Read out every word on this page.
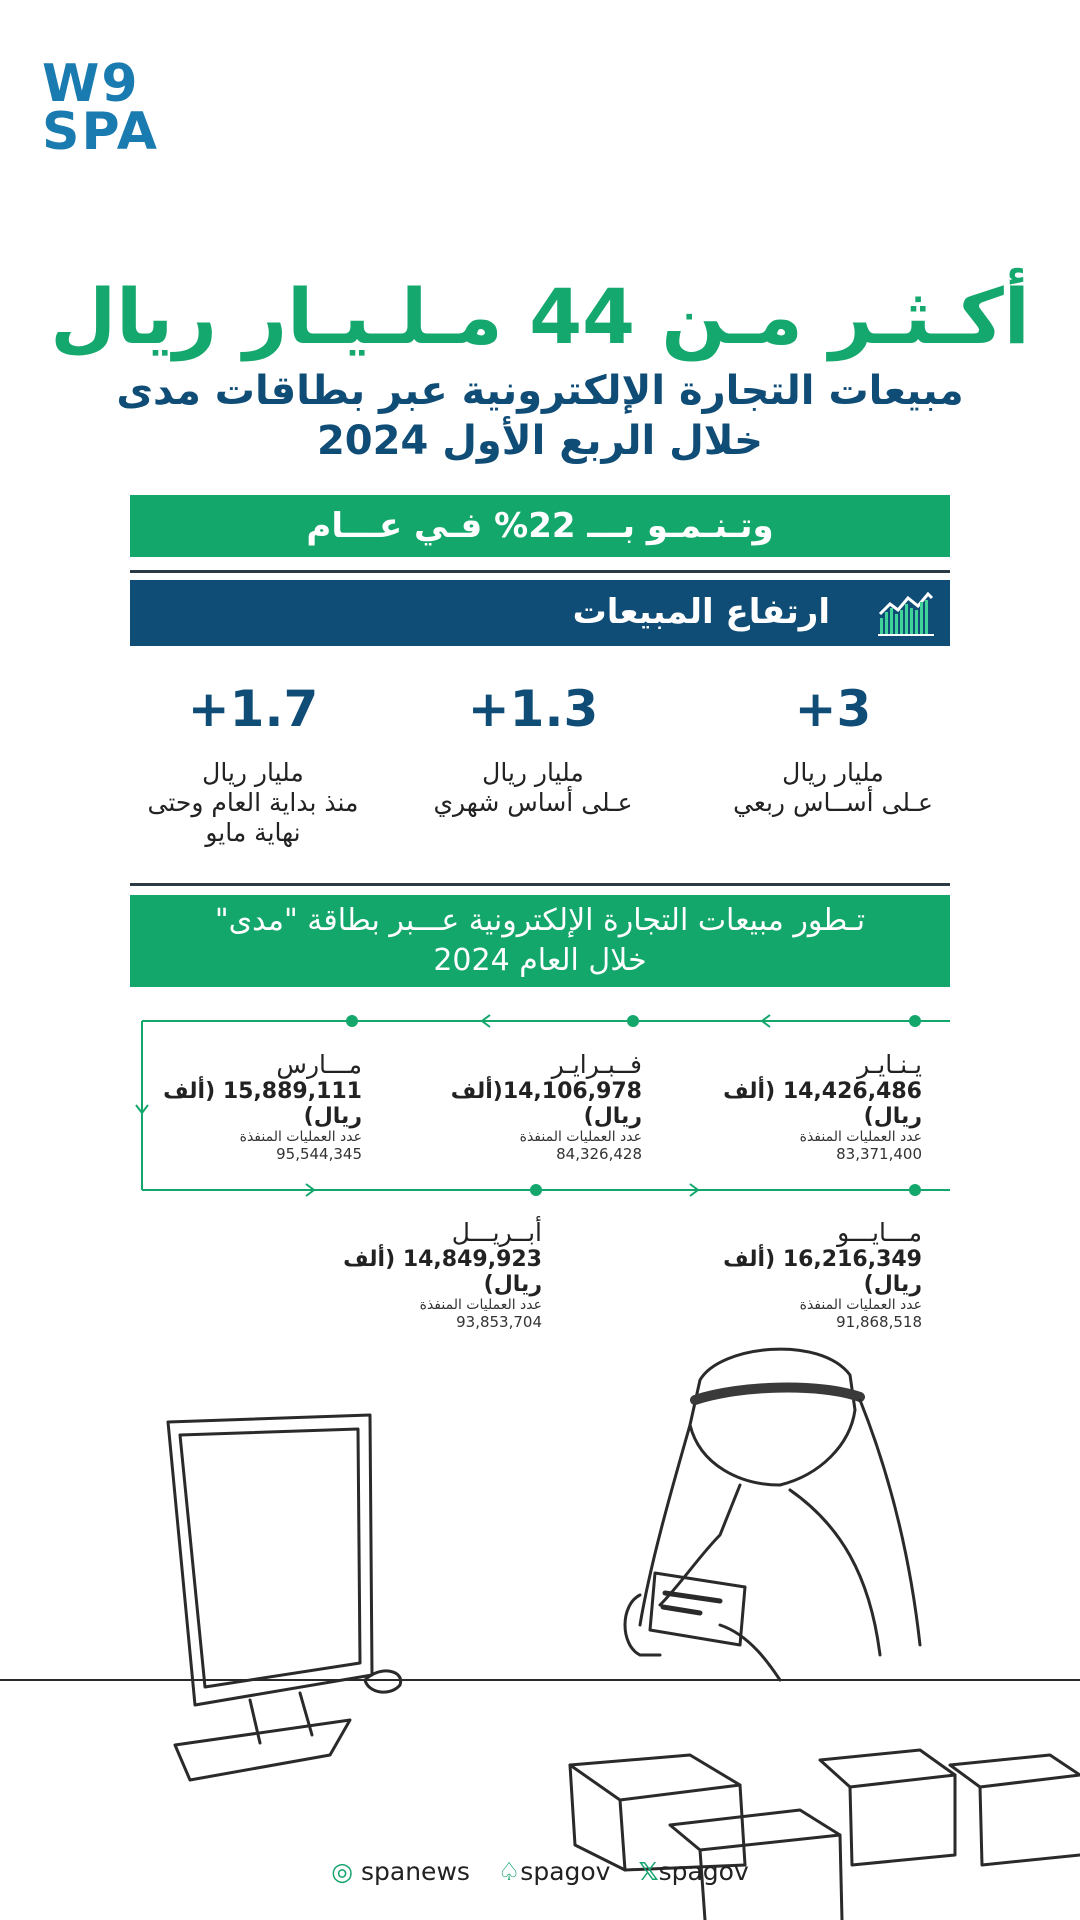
W9
SPA
أكـثـر مـن 44 مـلـيـار ريال
مبيعات التجارة الإلكترونية عبر بطاقات مدى
خلال الربع الأول 2024
وتـنـمـو بـــ 22% فـي عـــام
ارتفاع المبيعات
+3
مليار ريال
عـلى أســاس ربعي
+1.3
مليار ريال
عـلى أساس شهري
+1.7
مليار ريال
منذ بداية العام وحتى
نهاية مايو
تـطور مبيعات التجارة الإلكترونية عـــبر بطاقة "مدى"
خلال العام 2024
يـنـايـر
14,426,486 (ألف ريال)
عدد العمليات المنفذة
83,371,400
فــبـرايـر
14,106,978(ألف ريال)
عدد العمليات المنفذة
84,326,428
مـــارس
15,889,111 (ألف ريال)
عدد العمليات المنفذة
95,544,345
أبــريـــل
14,849,923 (ألف ريال)
عدد العمليات المنفذة
93,853,704
مـــايـــو
16,216,349 (ألف ريال)
عدد العمليات المنفذة
91,868,518
◎ spanews ♤spagov 𝕏spagov
